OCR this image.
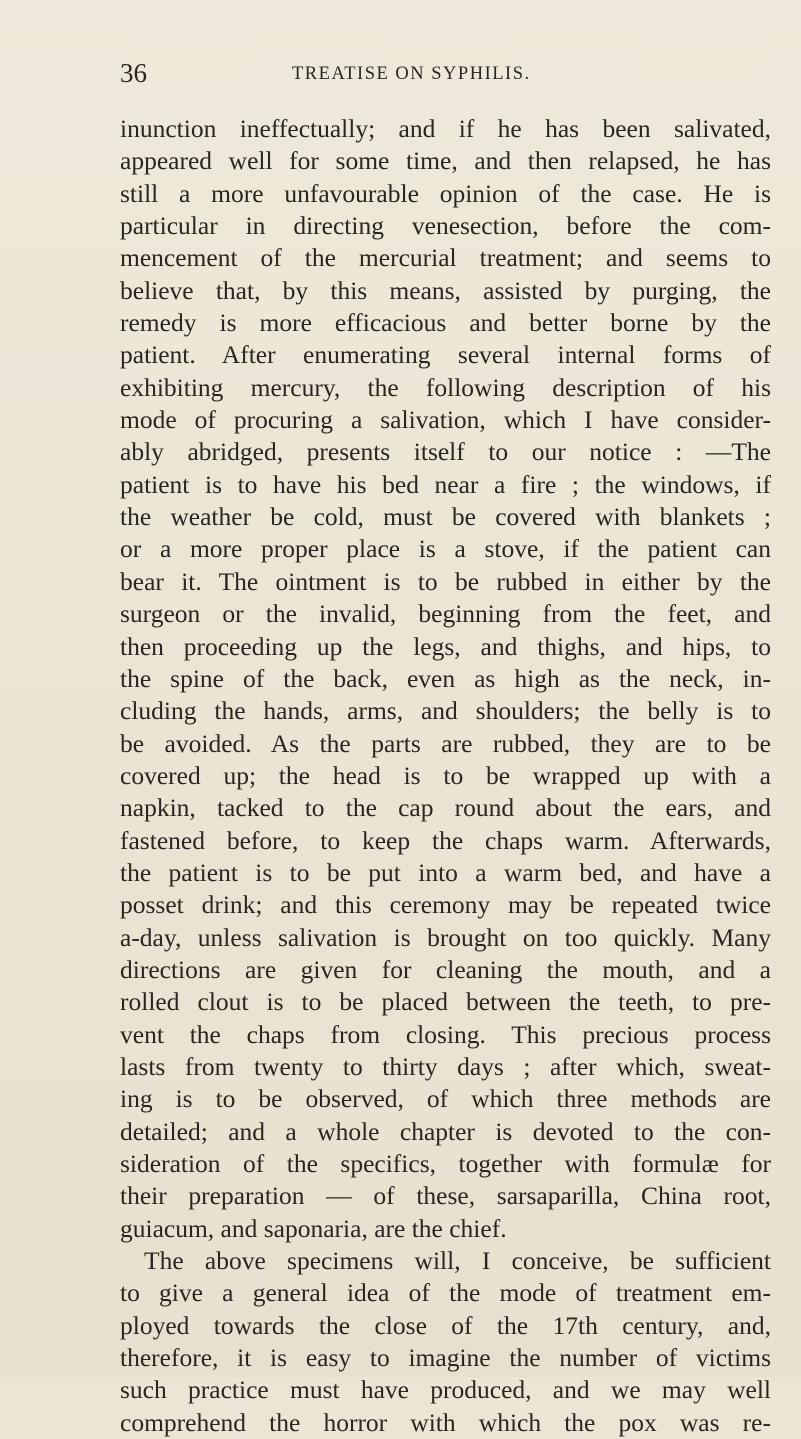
36	TREATISE ON SYPHILIS.
inunction ineffectually; and if he has been salivated,
appeared well for some time, and then relapsed, he has
still a more unfavourable opinion of the case. He is
particular in directing venesection, before the com-
mencement of the mercurial treatment; and seems to
believe that, by this means, assisted by purging, the
remedy is more efficacious and better borne by the
patient. After enumerating several internal forms of
exhibiting mercury, the following description of his
mode of procuring a salivation, which I have consider-
ably abridged, presents itself to our notice : —The
patient is to have his bed near a fire ; the windows, if
the weather be cold, must be covered with blankets ;
or a more proper place is a stove, if the patient can
bear it. The ointment is to be rubbed in either by the
surgeon or the invalid, beginning from the feet, and
then proceeding up the legs, and thighs, and hips, to
the spine of the back, even as high as the neck, in-
cluding the hands, arms, and shoulders; the belly is to
be avoided. As the parts are rubbed, they are to be
covered up; the head is to be wrapped up with a
napkin, tacked to the cap round about the ears, and
fastened before, to keep the chaps warm. Afterwards,
the patient is to be put into a warm bed, and have a
posset drink; and this ceremony may be repeated twice
a-day, unless salivation is brought on too quickly. Many
directions are given for cleaning the mouth, and a
rolled clout is to be placed between the teeth, to pre-
vent the chaps from closing. This precious process
lasts from twenty to thirty days ; after which, sweat-
ing is to be observed, of which three methods are
detailed; and a whole chapter is devoted to the con-
sideration of the specifics, together with formulæ for
their preparation — of these, sarsaparilla, China root,
guiacum, and saponaria, are the chief.
The above specimens will, I conceive, be sufficient
to give a general idea of the mode of treatment em-
ployed towards the close of the 17th century, and,
therefore, it is easy to imagine the number of victims
such practice must have produced, and we may well
comprehend the horror with which the pox was re-
